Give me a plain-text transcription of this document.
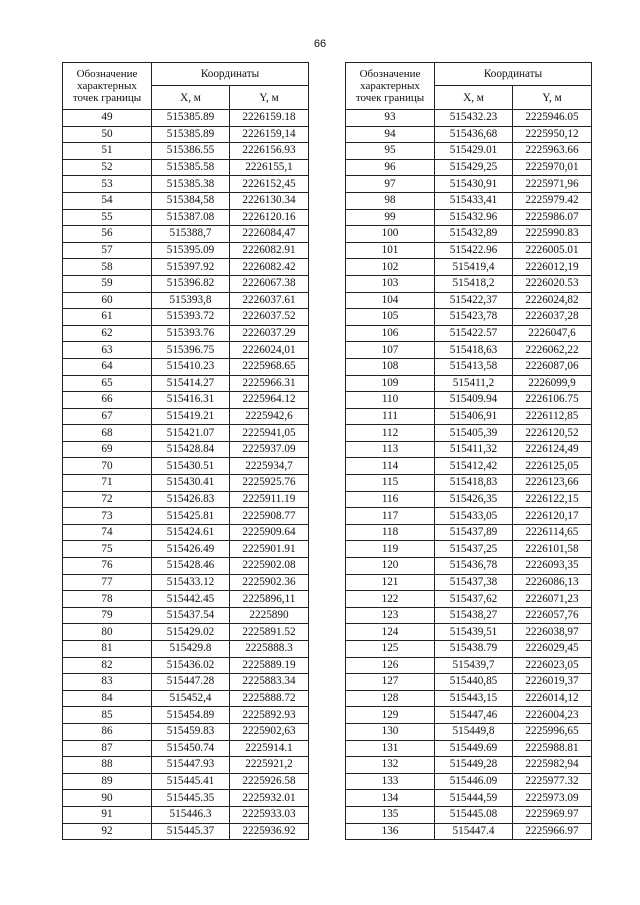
66
Обозначение характерных точек границы	Координаты	
	X, м	Y, м
49	515385.89	2226159.18
50	515385.89	2226159,14
51	515386.55	2226156.93
52	515385.58	2226155,1
53	515385.38	2226152,45
54	515384,58	2226130.34
55	515387.08	2226120.16
56	515388,7	2226084,47
57	515395.09	2226082.91
58	515397.92	2226082.42
59	515396.82	2226067.38
60	515393,8	2226037.61
61	515393.72	2226037.52
62	515393.76	2226037.29
63	515396.75	2226024,01
64	515410.23	2225968.65
65	515414.27	2225966.31
66	515416.31	2225964.12
67	515419.21	2225942,6
68	515421.07	2225941,05
69	515428.84	2225937.09
70	515430.51	2225934,7
71	515430.41	2225925.76
72	515426.83	2225911.19
73	515425.81	2225908.77
74	515424.61	2225909.64
75	515426.49	2225901.91
76	515428.46	2225902.08
77	515433.12	2225902.36
78	515442.45	2225896,11
79	515437.54	2225890
80	515429.02	2225891.52
81	515429.8	2225888.3
82	515436.02	2225889.19
83	515447.28	2225883.34
84	515452,4	2225888.72
85	515454.89	2225892.93
86	515459.83	2225902,63
87	515450.74	2225914.1
88	515447.93	2225921,2
89	515445.41	2225926.58
90	515445.35	2225932.01
91	515446.3	2225933.03
92	515445.37	2225936.92
Обозначение характерных точек границы	Координаты	
	X, м	Y, м
93	515432.23	2225946.05
94	515436,68	2225950,12
95	515429.01	2225963.66
96	515429,25	2225970,01
97	515430,91	2225971,96
98	515433,41	2225979.42
99	515432.96	2225986.07
100	515432,89	2225990.83
101	515422.96	2226005.01
102	515419,4	2226012,19
103	515418,2	2226020.53
104	515422,37	2226024,82
105	515423,78	2226037,28
106	515422.57	2226047,6
107	515418,63	2226062,22
108	515413,58	2226087,06
109	515411,2	2226099,9
110	515409.94	2226106.75
111	515406,91	2226112,85
112	515405,39	2226120,52
113	515411,32	2226124,49
114	515412,42	2226125,05
115	515418,83	2226123,66
116	515426,35	2226122,15
117	515433,05	2226120,17
118	515437,89	2226114,65
119	515437,25	2226101,58
120	515436,78	2226093,35
121	515437,38	2226086,13
122	515437,62	2226071,23
123	515438,27	2226057,76
124	515439,51	2226038,97
125	515438.79	2226029,45
126	515439,7	2226023,05
127	515440,85	2226019,37
128	515443,15	2226014,12
129	515447,46	2226004,23
130	515449,8	2225996,65
131	515449.69	2225988.81
132	515449,28	2225982,94
133	515446.09	2225977.32
134	515444,59	2225973.09
135	515445.08	2225969.97
136	515447.4	2225966.97
